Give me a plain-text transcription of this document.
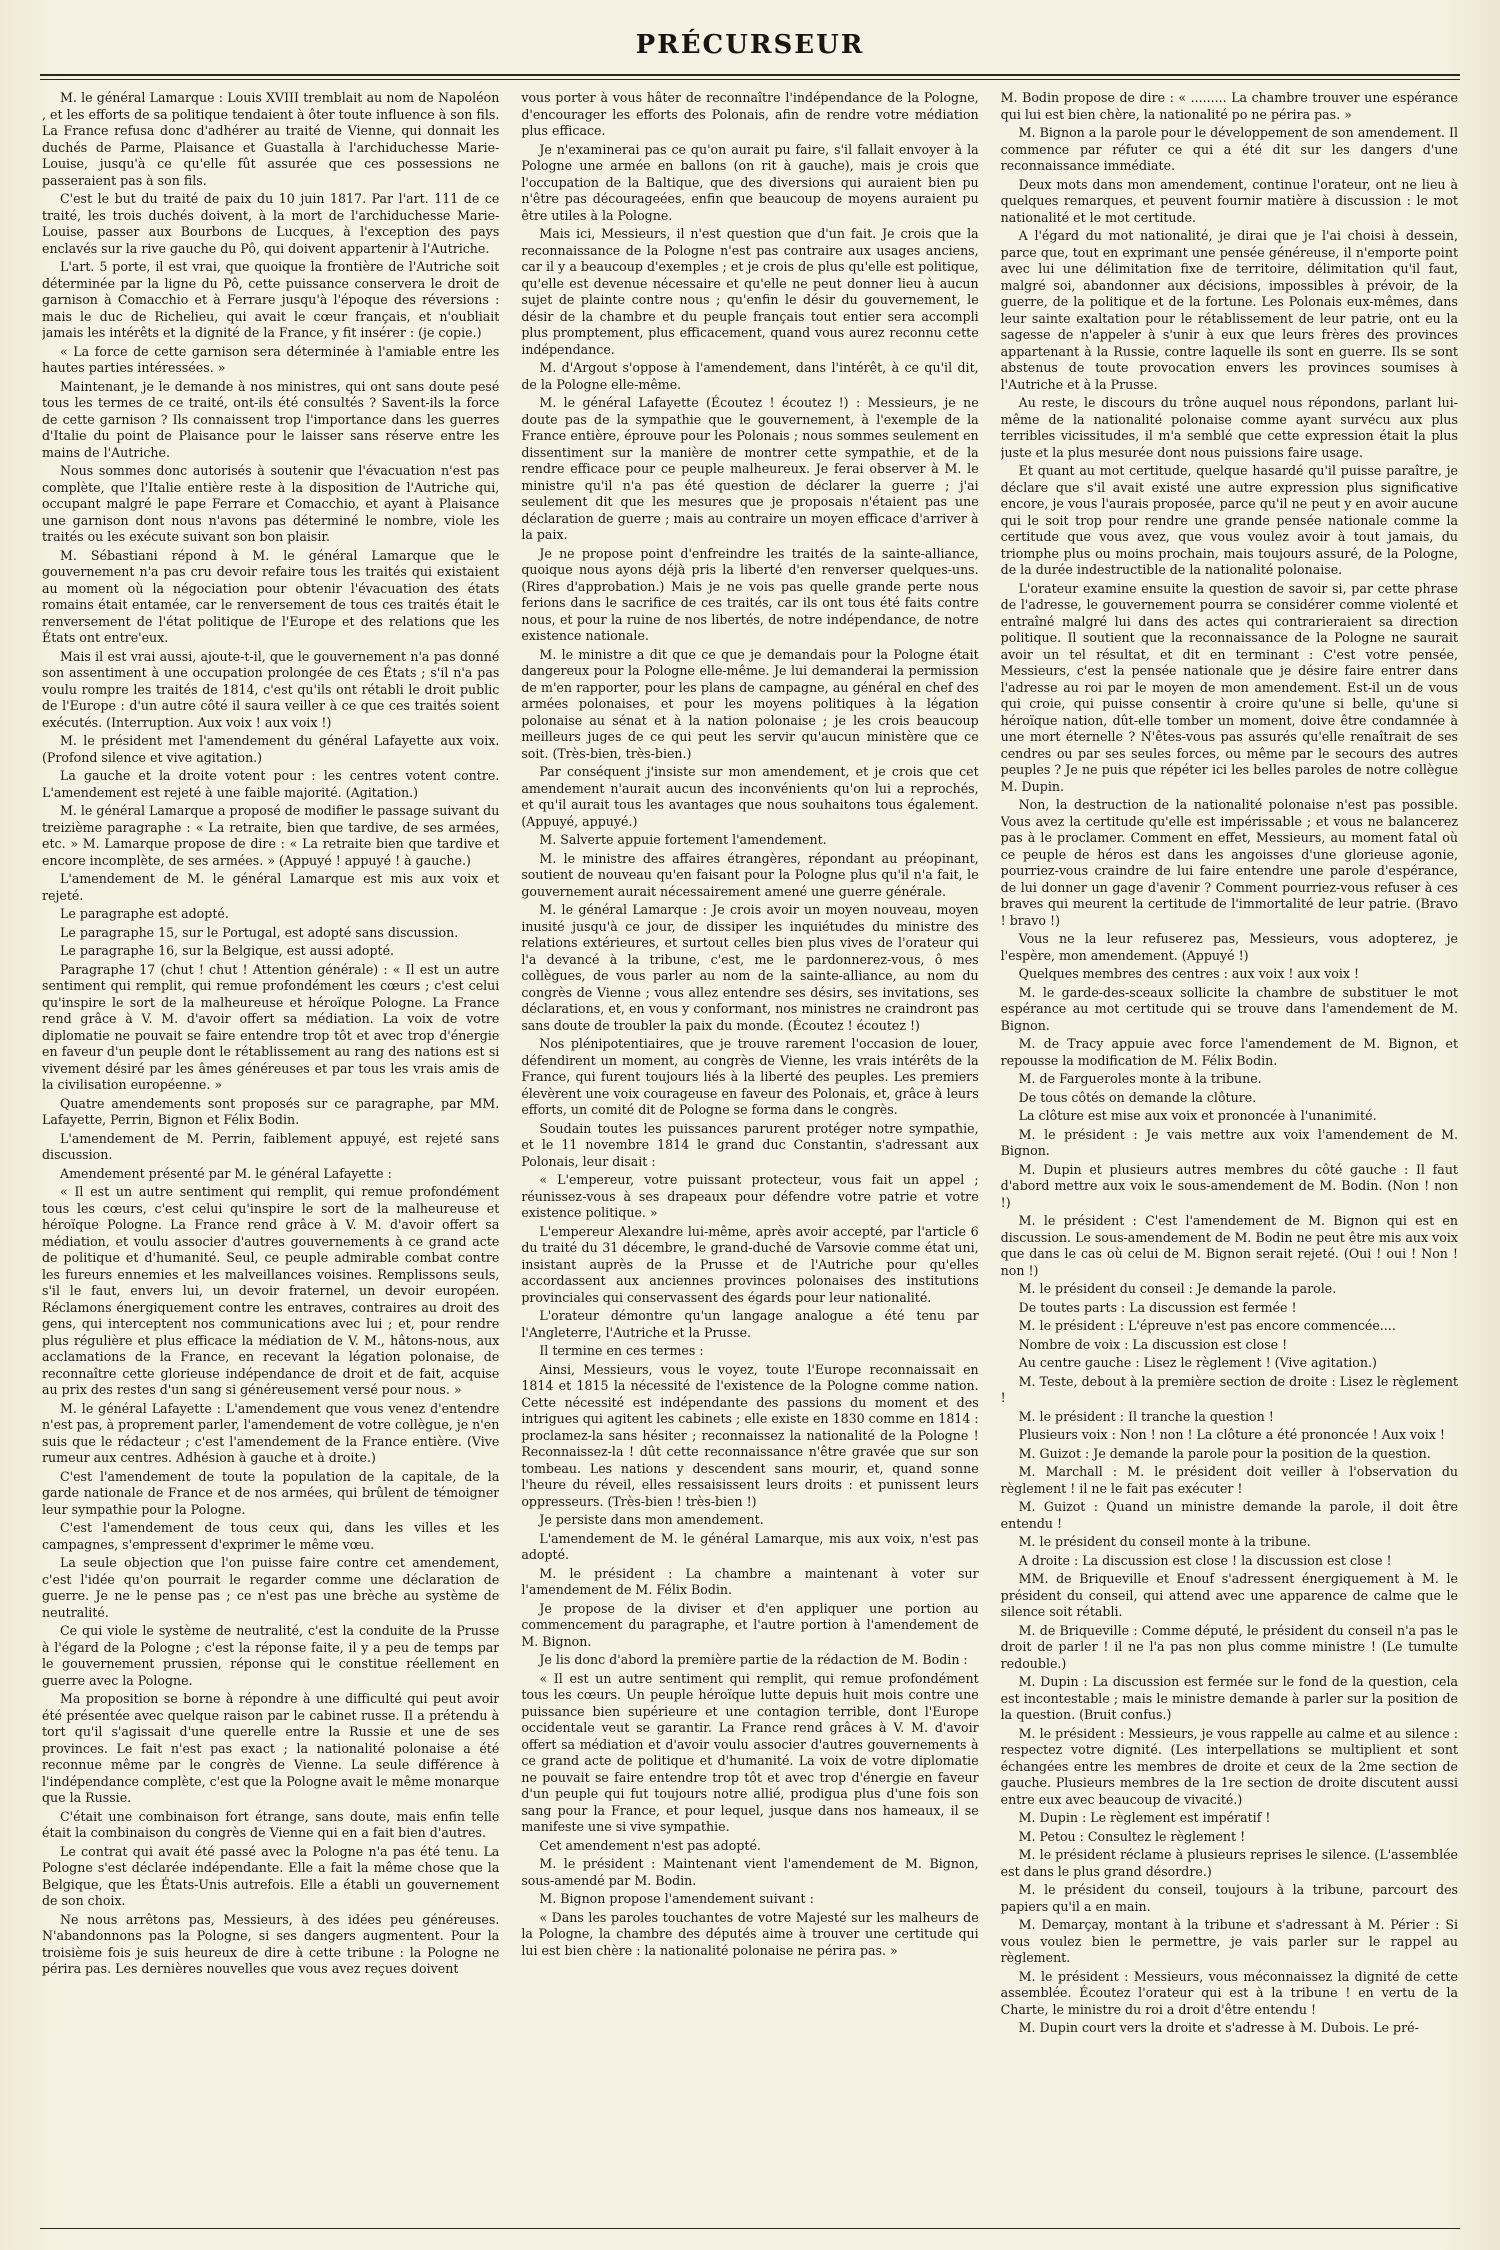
PRÉCURSEUR

M. le général Lamarque : Louis XVIII tremblait au nom de Napoléon , et les efforts de sa politique tendaient à ôter toute influence à son fils. La France refusa donc d'adhérer au traité de Vienne, qui donnait les duchés de Parme, Plaisance et Guastalla à l'archiduchesse Marie-Louise, jusqu'à ce qu'elle fût assurée que ces possessions ne passeraient pas à son fils.

C'est le but du traité de paix du 10 juin 1817. Par l'art. 111 de ce traité, les trois duchés doivent, à la mort de l'archiduchesse Marie-Louise, passer aux Bourbons de Lucques, à l'exception des pays enclavés sur la rive gauche du Pô, qui doivent appartenir à l'Autriche.

L'art. 5 porte, il est vrai, que quoique la frontière de l'Autriche soit déterminée par la ligne du Pô, cette puissance conservera le droit de garnison à Comacchio et à Ferrare jusqu'à l'époque des réversions : mais le duc de Richelieu, qui avait le cœur français, et n'oubliait jamais les intérêts et la dignité de la France, y fit insérer : (je copie.)

« La force de cette garnison sera déterminée à l'amiable entre les hautes parties intéressées. »

Maintenant, je le demande à nos ministres, qui ont sans doute pesé tous les termes de ce traité, ont-ils été consultés ? Savent-ils la force de cette garnison ? Ils connaissent trop l'importance dans les guerres d'Italie du point de Plaisance pour le laisser sans réserve entre les mains de l'Autriche.

Nous sommes donc autorisés à soutenir que l'évacuation n'est pas complète, que l'Italie entière reste à la disposition de l'Autriche qui, occupant malgré le pape Ferrare et Comacchio, et ayant à Plaisance une garnison dont nous n'avons pas déterminé le nombre, viole les traités ou les exécute suivant son bon plaisir.

M. Sébastiani répond à M. le général Lamarque que le gouvernement n'a pas cru devoir refaire tous les traités qui existaient au moment où la négociation pour obtenir l'évacuation des états romains était entamée, car le renversement de tous ces traités était le renversement de l'état politique de l'Europe et des relations que les États ont entre'eux.

Mais il est vrai aussi, ajoute-t-il, que le gouvernement n'a pas donné son assentiment à une occupation prolongée de ces États ; s'il n'a pas voulu rompre les traités de 1814, c'est qu'ils ont rétabli le droit public de l'Europe : d'un autre côté il saura veiller à ce que ces traités soient exécutés. (Interruption. Aux voix ! aux voix !)

M. le président met l'amendement du général Lafayette aux voix. (Profond silence et vive agitation.)

La gauche et la droite votent pour : les centres votent contre. L'amendement est rejeté à une faible majorité. (Agitation.)

M. le général Lamarque a proposé de modifier le passage suivant du treizième paragraphe : « La retraite, bien que tardive, de ses armées, etc. » M. Lamarque propose de dire : « La retraite bien que tardive et encore incomplète, de ses armées. » (Appuyé ! appuyé ! à gauche.)

L'amendement de M. le général Lamarque est mis aux voix et rejeté.

Le paragraphe est adopté.

Le paragraphe 15, sur le Portugal, est adopté sans discussion.

Le paragraphe 16, sur la Belgique, est aussi adopté.

Paragraphe 17 (chut ! chut ! Attention générale) : « Il est un autre sentiment qui remplit, qui remue profondément les cœurs ; c'est celui qu'inspire le sort de la malheureuse et héroïque Pologne. La France rend grâce à V. M. d'avoir offert sa médiation. La voix de votre diplomatie ne pouvait se faire entendre trop tôt et avec trop d'énergie en faveur d'un peuple dont le rétablissement au rang des nations est si vivement désiré par les âmes généreuses et par tous les vrais amis de la civilisation européenne. »

Quatre amendements sont proposés sur ce paragraphe, par MM. Lafayette, Perrin, Bignon et Félix Bodin.

L'amendement de M. Perrin, faiblement appuyé, est rejeté sans discussion.

Amendement présenté par M. le général Lafayette :

« Il est un autre sentiment qui remplit, qui remue profondément tous les cœurs, c'est celui qu'inspire le sort de la malheureuse et héroïque Pologne. La France rend grâce à V. M. d'avoir offert sa médiation, et voulu associer d'autres gouvernements à ce grand acte de politique et d'humanité. Seul, ce peuple admirable combat contre les fureurs ennemies et les malveillances voisines. Remplissons seuls, s'il le faut, envers lui, un devoir fraternel, un devoir européen. Réclamons énergiquement contre les entraves, contraires au droit des gens, qui interceptent nos communications avec lui ; et, pour rendre plus régulière et plus efficace la médiation de V. M., hâtons-nous, aux acclamations de la France, en recevant la légation polonaise, de reconnaître cette glorieuse indépendance de droit et de fait, acquise au prix des restes d'un sang si généreusement versé pour nous. »

M. le général Lafayette : L'amendement que vous venez d'entendre n'est pas, à proprement parler, l'amendement de votre collègue, je n'en suis que le rédacteur ; c'est l'amendement de la France entière. (Vive rumeur aux centres. Adhésion à gauche et à droite.)

C'est l'amendement de toute la population de la capitale, de la garde nationale de France et de nos armées, qui brûlent de témoigner leur sympathie pour la Pologne.

C'est l'amendement de tous ceux qui, dans les villes et les campagnes, s'empressent d'exprimer le même vœu.

La seule objection que l'on puisse faire contre cet amendement, c'est l'idée qu'on pourrait le regarder comme une déclaration de guerre. Je ne le pense pas ; ce n'est pas une brèche au système de neutralité.

Ce qui viole le système de neutralité, c'est la conduite de la Prusse à l'égard de la Pologne ; c'est la réponse faite, il y a peu de temps par le gouvernement prussien, réponse qui le constitue réellement en guerre avec la Pologne.

Ma proposition se borne à répondre à une difficulté qui peut avoir été présentée avec quelque raison par le cabinet russe. Il a prétendu à tort qu'il s'agissait d'une querelle entre la Russie et une de ses provinces. Le fait n'est pas exact ; la nationalité polonaise a été reconnue même par le congrès de Vienne. La seule différence à l'indépendance complète, c'est que la Pologne avait le même monarque que la Russie.

C'était une combinaison fort étrange, sans doute, mais enfin telle était la combinaison du congrès de Vienne qui en a fait bien d'autres.

Le contrat qui avait été passé avec la Pologne n'a pas été tenu. La Pologne s'est déclarée indépendante. Elle a fait la même chose que la Belgique, que les États-Unis autrefois. Elle a établi un gouvernement de son choix.

Ne nous arrêtons pas, Messieurs, à des idées peu généreuses. N'abandonnons pas la Pologne, si ses dangers augmentent. Pour la troisième fois je suis heureux de dire à cette tribune : la Pologne ne périra pas. Les dernières nouvelles que vous avez reçues doivent

vous porter à vous hâter de reconnaître l'indépendance de la Pologne, d'encourager les efforts des Polonais, afin de rendre votre médiation plus efficace.

Je n'examinerai pas ce qu'on aurait pu faire, s'il fallait envoyer à la Pologne une armée en ballons (on rit à gauche), mais je crois que l'occupation de la Baltique, que des diversions qui auraient bien pu n'être pas décourageées, enfin que beaucoup de moyens auraient pu être utiles à la Pologne.

Mais ici, Messieurs, il n'est question que d'un fait. Je crois que la reconnaissance de la Pologne n'est pas contraire aux usages anciens, car il y a beaucoup d'exemples ; et je crois de plus qu'elle est politique, qu'elle est devenue nécessaire et qu'elle ne peut donner lieu à aucun sujet de plainte contre nous ; qu'enfin le désir du gouvernement, le désir de la chambre et du peuple français tout entier sera accompli plus promptement, plus efficacement, quand vous aurez reconnu cette indépendance.

M. d'Argout s'oppose à l'amendement, dans l'intérêt, à ce qu'il dit, de la Pologne elle-même.

M. le général Lafayette (Écoutez ! écoutez !) : Messieurs, je ne doute pas de la sympathie que le gouvernement, à l'exemple de la France entière, éprouve pour les Polonais ; nous sommes seulement en dissentiment sur la manière de montrer cette sympathie, et de la rendre efficace pour ce peuple malheureux. Je ferai observer à M. le ministre qu'il n'a pas été question de déclarer la guerre ; j'ai seulement dit que les mesures que je proposais n'étaient pas une déclaration de guerre ; mais au contraire un moyen efficace d'arriver à la paix.

Je ne propose point d'enfreindre les traités de la sainte-alliance, quoique nous ayons déjà pris la liberté d'en renverser quelques-uns. (Rires d'approbation.) Mais je ne vois pas quelle grande perte nous ferions dans le sacrifice de ces traités, car ils ont tous été faits contre nous, et pour la ruine de nos libertés, de notre indépendance, de notre existence nationale.

M. le ministre a dit que ce que je demandais pour la Pologne était dangereux pour la Pologne elle-même. Je lui demanderai la permission de m'en rapporter, pour les plans de campagne, au général en chef des armées polonaises, et pour les moyens politiques à la légation polonaise au sénat et à la nation polonaise ; je les crois beaucoup meilleurs juges de ce qui peut les servir qu'aucun ministère que ce soit. (Très-bien, très-bien.)

Par conséquent j'insiste sur mon amendement, et je crois que cet amendement n'aurait aucun des inconvénients qu'on lui a reprochés, et qu'il aurait tous les avantages que nous souhaitons tous également. (Appuyé, appuyé.)

M. Salverte appuie fortement l'amendement.

M. le ministre des affaires étrangères, répondant au préopinant, soutient de nouveau qu'en faisant pour la Pologne plus qu'il n'a fait, le gouvernement aurait nécessairement amené une guerre générale.

M. le général Lamarque : Je crois avoir un moyen nouveau, moyen inusité jusqu'à ce jour, de dissiper les inquiétudes du ministre des relations extérieures, et surtout celles bien plus vives de l'orateur qui l'a devancé à la tribune, c'est, me le pardonnerez-vous, ô mes collègues, de vous parler au nom de la sainte-alliance, au nom du congrès de Vienne ; vous allez entendre ses désirs, ses invitations, ses déclarations, et, en vous y conformant, nos ministres ne craindront pas sans doute de troubler la paix du monde. (Écoutez ! écoutez !)

Nos plénipotentiaires, que je trouve rarement l'occasion de louer, défendirent un moment, au congrès de Vienne, les vrais intérêts de la France, qui furent toujours liés à la liberté des peuples. Les premiers élevèrent une voix courageuse en faveur des Polonais, et, grâce à leurs efforts, un comité dit de Pologne se forma dans le congrès.

Soudain toutes les puissances parurent protéger notre sympathie, et le 11 novembre 1814 le grand duc Constantin, s'adressant aux Polonais, leur disait :

« L'empereur, votre puissant protecteur, vous fait un appel ; réunissez-vous à ses drapeaux pour défendre votre patrie et votre existence politique. »

L'empereur Alexandre lui-même, après avoir accepté, par l'article 6 du traité du 31 décembre, le grand-duché de Varsovie comme état uni, insistant auprès de la Prusse et de l'Autriche pour qu'elles accordassent aux anciennes provinces polonaises des institutions provinciales qui conservassent des égards pour leur nationalité.

L'orateur démontre qu'un langage analogue a été tenu par l'Angleterre, l'Autriche et la Prusse.

Il termine en ces termes :

Ainsi, Messieurs, vous le voyez, toute l'Europe reconnaissait en 1814 et 1815 la nécessité de l'existence de la Pologne comme nation. Cette nécessité est indépendante des passions du moment et des intrigues qui agitent les cabinets ; elle existe en 1830 comme en 1814 : proclamez-la sans hésiter ; reconnaissez la nationalité de la Pologne ! Reconnaissez-la ! dût cette reconnaissance n'être gravée que sur son tombeau. Les nations y descendent sans mourir, et, quand sonne l'heure du réveil, elles ressaisissent leurs droits : et punissent leurs oppresseurs. (Très-bien ! très-bien !)

Je persiste dans mon amendement.

L'amendement de M. le général Lamarque, mis aux voix, n'est pas adopté.

M. le président : La chambre a maintenant à voter sur l'amendement de M. Félix Bodin.

Je propose de la diviser et d'en appliquer une portion au commencement du paragraphe, et l'autre portion à l'amendement de M. Bignon.

Je lis donc d'abord la première partie de la rédaction de M. Bodin :

« Il est un autre sentiment qui remplit, qui remue profondément tous les cœurs. Un peuple héroïque lutte depuis huit mois contre une puissance bien supérieure et une contagion terrible, dont l'Europe occidentale veut se garantir. La France rend grâces à V. M. d'avoir offert sa médiation et d'avoir voulu associer d'autres gouvernements à ce grand acte de politique et d'humanité. La voix de votre diplomatie ne pouvait se faire entendre trop tôt et avec trop d'énergie en faveur d'un peuple qui fut toujours notre allié, prodigua plus d'une fois son sang pour la France, et pour lequel, jusque dans nos hameaux, il se manifeste une si vive sympathie.

Cet amendement n'est pas adopté.

M. le président : Maintenant vient l'amendement de M. Bignon, sous-amendé par M. Bodin.

M. Bignon propose l'amendement suivant :

« Dans les paroles touchantes de votre Majesté sur les malheurs de la Pologne, la chambre des députés aime à trouver une certitude qui lui est bien chère : la nationalité polonaise ne périra pas. »

M. Bodin propose de dire : « ......... La chambre trouver une espérance qui lui est bien chère, la nationalité po ne périra pas. »

M. Bignon a la parole pour le développement de son amendement. Il commence par réfuter ce qui a été dit sur les dangers d'une reconnaissance immédiate.

Deux mots dans mon amendement, continue l'orateur, ont ne lieu à quelques remarques, et peuvent fournir matière à discussion : le mot nationalité et le mot certitude.

A l'égard du mot nationalité, je dirai que je l'ai choisi à dessein, parce que, tout en exprimant une pensée généreuse, il n'emporte point avec lui une délimitation fixe de territoire, délimitation qu'il faut, malgré soi, abandonner aux décisions, impossibles à prévoir, de la guerre, de la politique et de la fortune. Les Polonais eux-mêmes, dans leur sainte exaltation pour le rétablissement de leur patrie, ont eu la sagesse de n'appeler à s'unir à eux que leurs frères des provinces appartenant à la Russie, contre laquelle ils sont en guerre. Ils se sont abstenus de toute provocation envers les provinces soumises à l'Autriche et à la Prusse.

Au reste, le discours du trône auquel nous répondons, parlant lui-même de la nationalité polonaise comme ayant survécu aux plus terribles vicissitudes, il m'a semblé que cette expression était la plus juste et la plus mesurée dont nous puissions faire usage.

Et quant au mot certitude, quelque hasardé qu'il puisse paraître, je déclare que s'il avait existé une autre expression plus significative encore, je vous l'aurais proposée, parce qu'il ne peut y en avoir aucune qui le soit trop pour rendre une grande pensée nationale comme la certitude que vous avez, que vous voulez avoir à tout jamais, du triomphe plus ou moins prochain, mais toujours assuré, de la Pologne, de la durée indestructible de la nationalité polonaise.

L'orateur examine ensuite la question de savoir si, par cette phrase de l'adresse, le gouvernement pourra se considérer comme violenté et entraîné malgré lui dans des actes qui contrarieraient sa direction politique. Il soutient que la reconnaissance de la Pologne ne saurait avoir un tel résultat, et dit en terminant : C'est votre pensée, Messieurs, c'est la pensée nationale que je désire faire entrer dans l'adresse au roi par le moyen de mon amendement. Est-il un de vous qui croie, qui puisse consentir à croire qu'une si belle, qu'une si héroïque nation, dût-elle tomber un moment, doive être condamnée à une mort éternelle ? N'êtes-vous pas assurés qu'elle renaîtrait de ses cendres ou par ses seules forces, ou même par le secours des autres peuples ? Je ne puis que répéter ici les belles paroles de notre collègue M. Dupin.

Non, la destruction de la nationalité polonaise n'est pas possible. Vous avez la certitude qu'elle est impérissable ; et vous ne balancerez pas à le proclamer. Comment en effet, Messieurs, au moment fatal où ce peuple de héros est dans les angoisses d'une glorieuse agonie, pourriez-vous craindre de lui faire entendre une parole d'espérance, de lui donner un gage d'avenir ? Comment pourriez-vous refuser à ces braves qui meurent la certitude de l'immortalité de leur patrie. (Bravo ! bravo !)

Vous ne la leur refuserez pas, Messieurs, vous adopterez, je l'espère, mon amendement. (Appuyé !)

Quelques membres des centres : aux voix ! aux voix !

M. le garde-des-sceaux sollicite la chambre de substituer le mot espérance au mot certitude qui se trouve dans l'amendement de M. Bignon.

M. de Tracy appuie avec force l'amendement de M. Bignon, et repousse la modification de M. Félix Bodin.

M. de Fargueroles monte à la tribune.

De tous côtés on demande la clôture.

La clôture est mise aux voix et prononcée à l'unanimité.

M. le président : Je vais mettre aux voix l'amendement de M. Bignon.

M. Dupin et plusieurs autres membres du côté gauche : Il faut d'abord mettre aux voix le sous-amendement de M. Bodin. (Non ! non !)

M. le président : C'est l'amendement de M. Bignon qui est en discussion. Le sous-amendement de M. Bodin ne peut être mis aux voix que dans le cas où celui de M. Bignon serait rejeté. (Oui ! oui ! Non ! non !)

M. le président du conseil : Je demande la parole.

De toutes parts : La discussion est fermée !

M. le président : L'épreuve n'est pas encore commencée....

Nombre de voix : La discussion est close !

Au centre gauche : Lisez le règlement ! (Vive agitation.)

M. Teste, debout à la première section de droite : Lisez le règlement !

M. le président : Il tranche la question !

Plusieurs voix : Non ! non ! La clôture a été prononcée ! Aux voix !

M. Guizot : Je demande la parole pour la position de la question.

M. Marchall : M. le président doit veiller à l'observation du règlement ! il ne le fait pas exécuter !

M. Guizot : Quand un ministre demande la parole, il doit être entendu !

M. le président du conseil monte à la tribune.

A droite : La discussion est close ! la discussion est close !

MM. de Briqueville et Enouf s'adressent énergiquement à M. le président du conseil, qui attend avec une apparence de calme que le silence soit rétabli.

M. de Briqueville : Comme député, le président du conseil n'a pas le droit de parler ! il ne l'a pas non plus comme ministre ! (Le tumulte redouble.)

M. Dupin : La discussion est fermée sur le fond de la question, cela est incontestable ; mais le ministre demande à parler sur la position de la question. (Bruit confus.)

M. le président : Messieurs, je vous rappelle au calme et au silence : respectez votre dignité. (Les interpellations se multiplient et sont échangées entre les membres de droite et ceux de la 2me section de gauche. Plusieurs membres de la 1re section de droite discutent aussi entre eux avec beaucoup de vivacité.)

M. Dupin : Le règlement est impératif !

M. Petou : Consultez le règlement !

M. le président réclame à plusieurs reprises le silence. (L'assemblée est dans le plus grand désordre.)

M. le président du conseil, toujours à la tribune, parcourt des papiers qu'il a en main.

M. Demarçay, montant à la tribune et s'adressant à M. Périer : Si vous voulez bien le permettre, je vais parler sur le rappel au règlement.

M. le président : Messieurs, vous méconnaissez la dignité de cette assemblée. Écoutez l'orateur qui est à la tribune ! en vertu de la Charte, le ministre du roi a droit d'être entendu !

M. Dupin court vers la droite et s'adresse à M. Dubois. Le pré-
